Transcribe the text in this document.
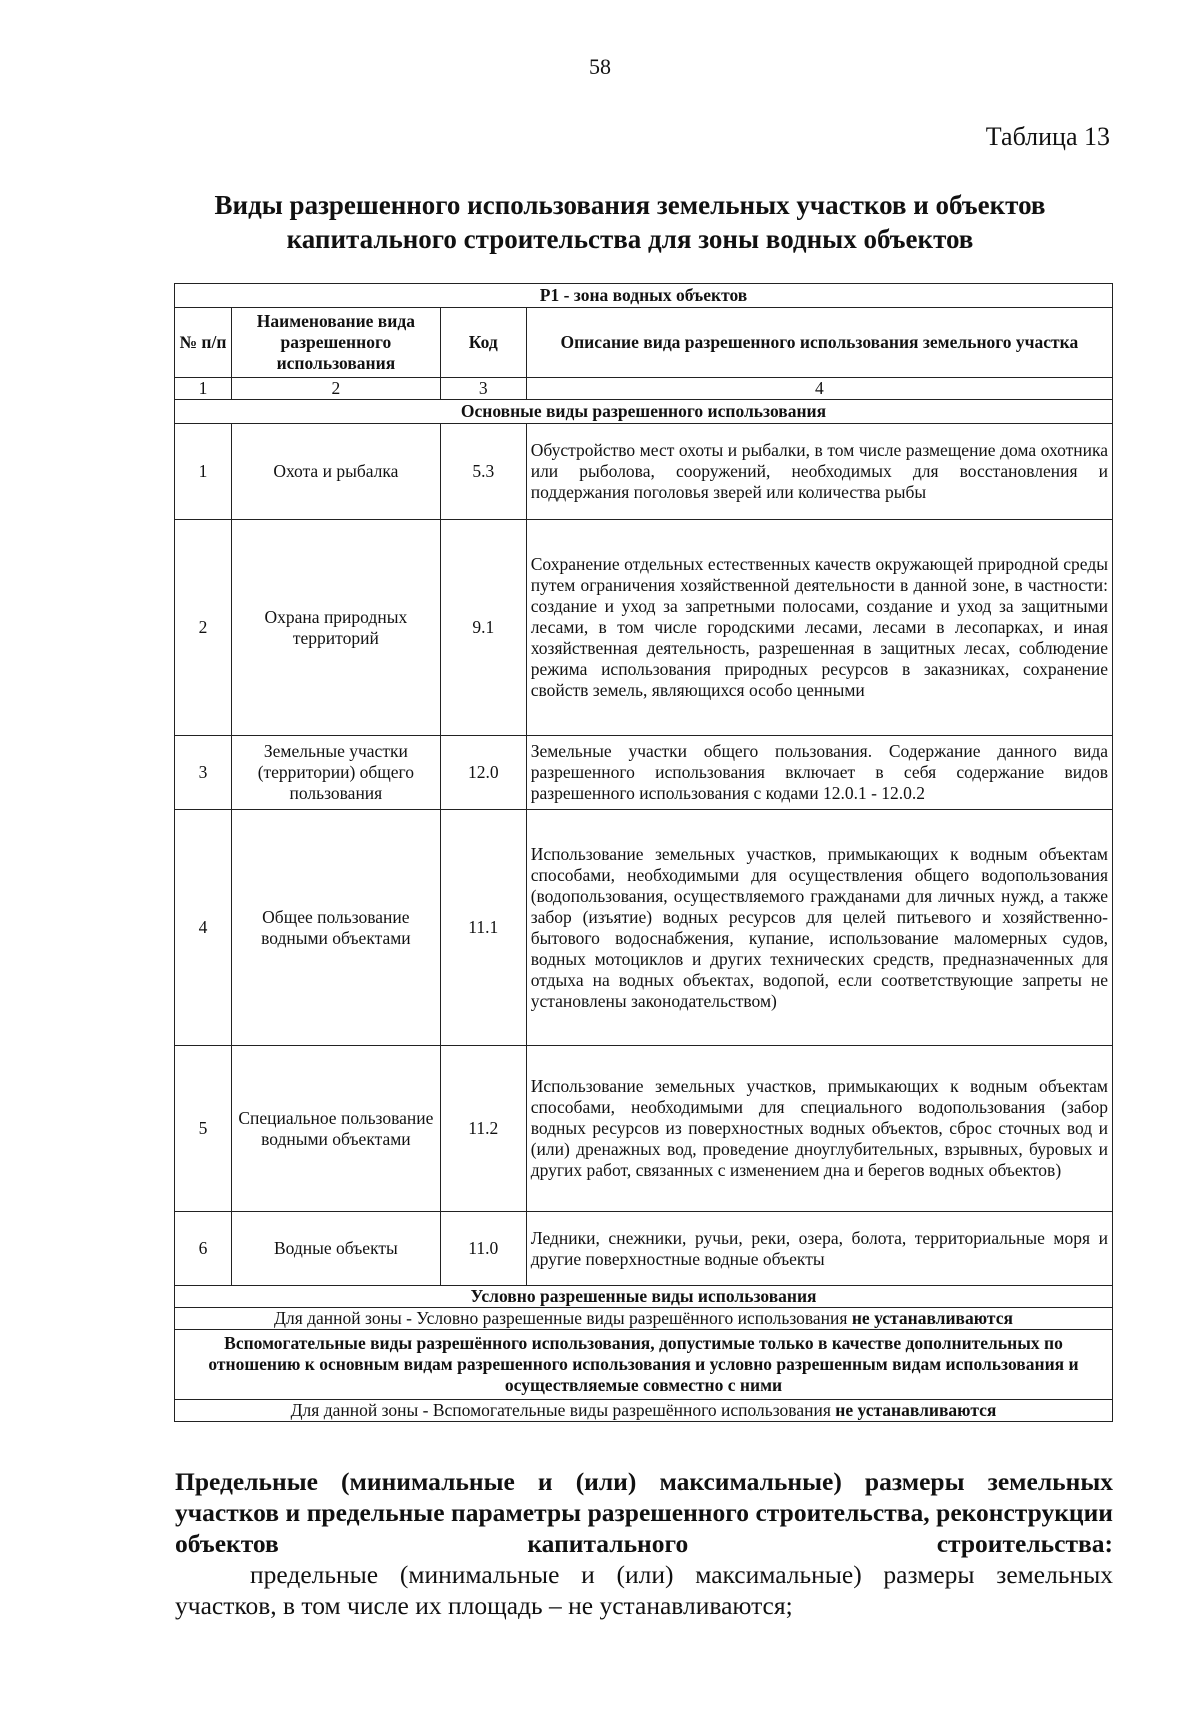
58
Таблица 13
Виды разрешенного использования земельных участков и объектов капитального строительства для зоны водных объектов
Р1 - зона водных объектов			
№ п/п	Наименование вида разрешенного использования	Код	Описание вида разрешенного использования земельного участка
1	2	3	4
Основные виды разрешенного использования			
1	Охота и рыбалка	5.3	Обустройство мест охоты и рыбалки, в том числе размещение дома охотника или рыболова, сооружений, необходимых для восстановления и поддержания поголовья зверей или количества рыбы
2	Охрана природных территорий	9.1	Сохранение отдельных естественных качеств окружающей природной среды путем ограничения хозяйственной деятельности в данной зоне, в частности: создание и уход за запретными полосами, создание и уход за защитными лесами, в том числе городскими лесами, лесами в лесопарках, и иная хозяйственная деятельность, разрешенная в защитных лесах, соблюдение режима использования природных ресурсов в заказниках, сохранение свойств земель, являющихся особо ценными
3	Земельные участки (территории) общего пользования	12.0	Земельные участки общего пользования. Содержание данного вида разрешенного использования включает в себя содержание видов разрешенного использования с кодами 12.0.1 - 12.0.2
4	Общее пользование водными объектами	11.1	Использование земельных участков, примыкающих к водным объектам способами, необходимыми для осуществления общего водопользования (водопользования, осуществляемого гражданами для личных нужд, а также забор (изъятие) водных ресурсов для целей питьевого и хозяйственно-бытового водоснабжения, купание, использование маломерных судов, водных мотоциклов и других технических средств, предназначенных для отдыха на водных объектах, водопой, если соответствующие запреты не установлены законодательством)
5	Специальное пользование водными объектами	11.2	Использование земельных участков, примыкающих к водным объектам способами, необходимыми для специального водопользования (забор водных ресурсов из поверхностных водных объектов, сброс сточных вод и (или) дренажных вод, проведение дноуглубительных, взрывных, буровых и других работ, связанных с изменением дна и берегов водных объектов)
6	Водные объекты	11.0	Ледники, снежники, ручьи, реки, озера, болота, территориальные моря и другие поверхностные водные объекты
Условно разрешенные виды использования			
Для данной зоны - Условно разрешенные виды разрешённого использования не устанавливаются			
Вспомогательные виды разрешённого использования, допустимые только в качестве дополнительных по отношению к основным видам разрешенного использования и условно разрешенным видам использования и осуществляемые совместно с ними			
Для данной зоны - Вспомогательные виды разрешённого использования не устанавливаются			
Предельные (минимальные и (или) максимальные) размеры земельных участков и предельные параметры разрешенного строительства, реконструкции объектов капитального строительства:
предельные (минимальные и (или) максимальные) размеры земельных участков, в том числе их площадь – не устанавливаются;
